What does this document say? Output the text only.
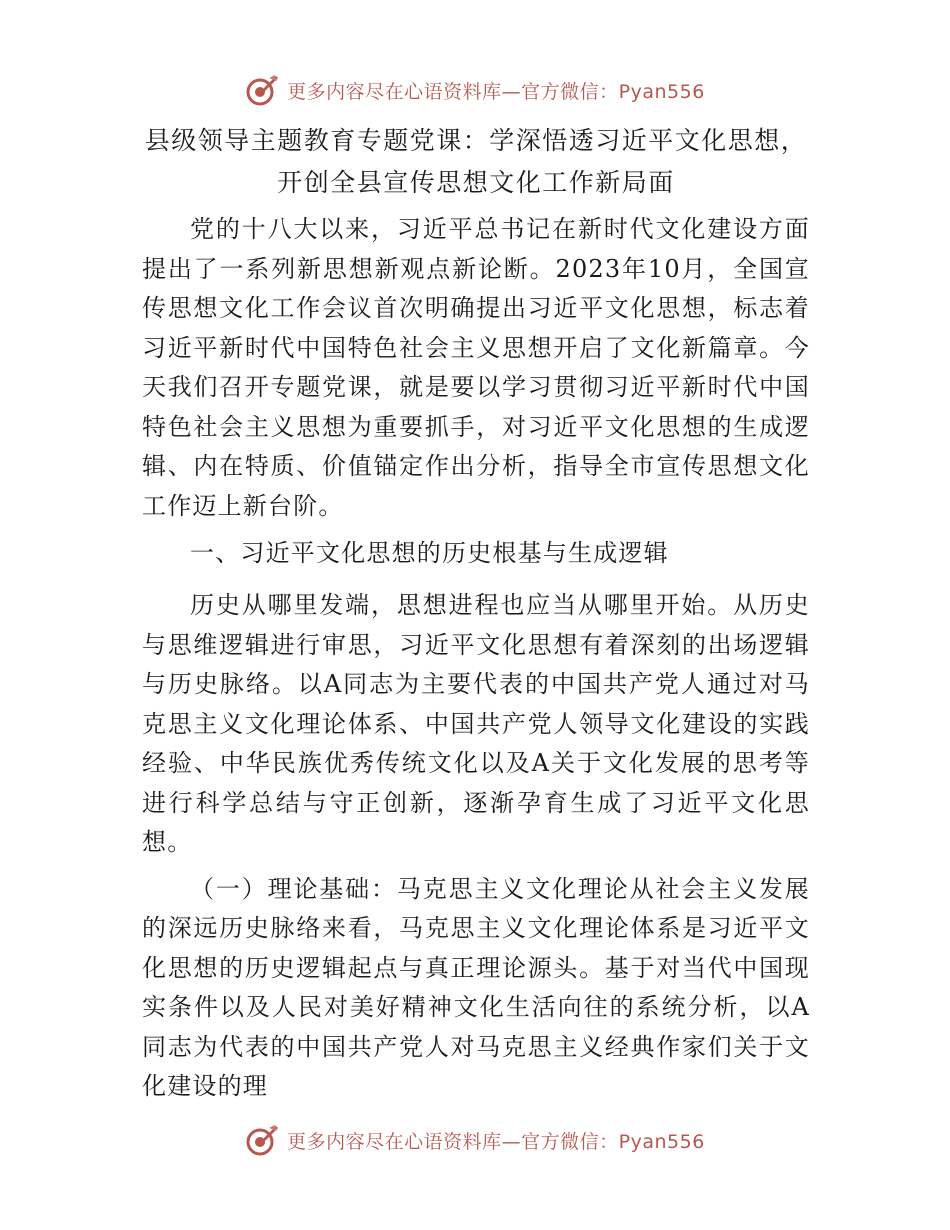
更多内容尽在心语资料库—官方微信：Pyan556
县级领导主题教育专题党课：学深悟透习近平文化思想，开创全县宣传思想文化工作新局面

党的十八大以来，习近平总书记在新时代文化建设方面提出了一系列新思想新观点新论断。2023年10月，全国宣传思想文化工作会议首次明确提出习近平文化思想，标志着习近平新时代中国特色社会主义思想开启了文化新篇章。今天我们召开专题党课，就是要以学习贯彻习近平新时代中国特色社会主义思想为重要抓手，对习近平文化思想的生成逻辑、内在特质、价值锚定作出分析，指导全市宣传思想文化工作迈上新台阶。

一、习近平文化思想的历史根基与生成逻辑

历史从哪里发端，思想进程也应当从哪里开始。从历史与思维逻辑进行审思，习近平文化思想有着深刻的出场逻辑与历史脉络。以A同志为主要代表的中国共产党人通过对马克思主义文化理论体系、中国共产党人领导文化建设的实践经验、中华民族优秀传统文化以及A关于文化发展的思考等进行科学总结与守正创新，逐渐孕育生成了习近平文化思想。

（一）理论基础：马克思主义文化理论从社会主义发展的深远历史脉络来看，马克思主义文化理论体系是习近平文化思想的历史逻辑起点与真正理论源头。基于对当代中国现实条件以及人民对美好精神文化生活向往的系统分析，以A同志为代表的中国共产党人对马克思主义经典作家们关于文化建设的理

更多内容尽在心语资料库—官方微信：Pyan556
